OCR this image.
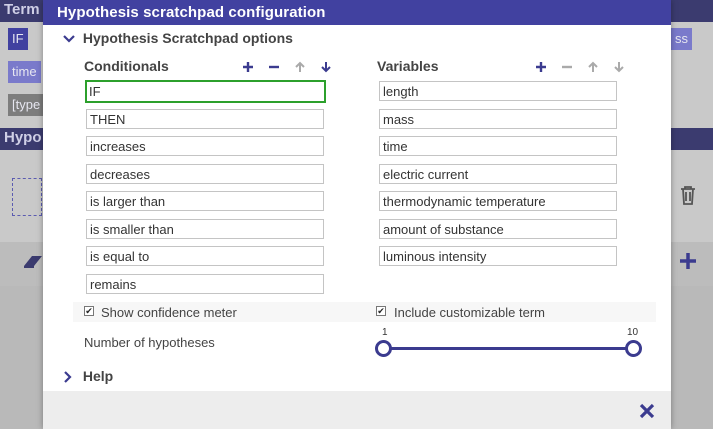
Term
IF
time
[type
ss
Hypo
Hypothesis scratchpad configuration
Hypothesis Scratchpad options
Conditionals
IF
THEN
increases
decreases
is larger than
is smaller than
is equal to
remains	Variables
length
mass
time
electric current
thermodynamic temperature
amount of substance
luminous intensity
✔ Show confidence meter	✔ Include customizable term
Number of hypotheses
1	10
Help
